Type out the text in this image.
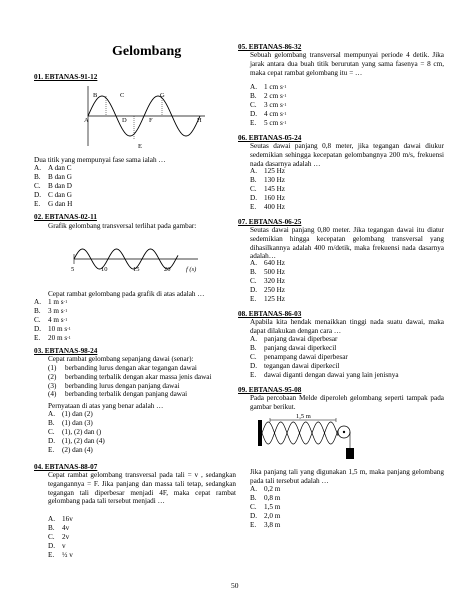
Gelombang
01. EBTANAS-91-12
A
B	C
D
E
F
G
H
Dua titik yang mempunyai fase sama ialah …
A. A dan C
B.	B dan G
C.	B dan D
D. C dan G
E.	G dan H
02. EBTANAS-02-11
Grafik gelombang transversal terlihat pada gambar:
5	10	15	20 f (s)
Cepat rambat gelombang pada grafik di atas adalah …
A. 1 m $s^{-1}$
B.	3 m $s^{-1}$
C.	4 m $s^{-1}$
D. 10 m $s^{-1}$
E.	20 m $s^{-1}$
03. EBTANAS-98-24
Cepat rambat gelombang sepanjang dawai (senar):
(1)	berbanding lurus dengan akar tegangan dawai
(2)	berbanding terbalik dengan akar massa jenis dawai
(3)	berbanding lurus dengan panjang dawai
(4)	berbanding terbalik dengan panjang dawai
Pernyataan di atas yang benar adalah …
A. (1) dan (2)
B.	(1) dan (3)
C.	(1), (2) dan ()
D. (1), (2) dan (4)
E.	(2) dan (4)
04. EBTANAS-88-07
Cepat rambat gelombang transversal pada tali = v , sedangkan tegangannya = F. Jika panjang dan massa tali tetap, sedangkan tegangan tali diperbesar menjadi 4F, maka cepat rambat gelombang pada tali tersebut menjadi …
A. 16v
B.	4v
C.	2v
D. v
E.	½ v
05. EBTANAS-86-32
Sebuah gelombang transversal mempunyai periode 4 detik. Jika jarak antara dua buah titik berurutan yang sama fasenya = 8 cm, maka cepat rambat gelombang itu = …
A. 1 cm $s^{-1}$
B.	2 cm $s^{-1}$
C.	3 cm $s^{-1}$
D. 4 cm $s^{-1}$
E.	5 cm $s^{-1}$
06. EBTANAS-05-24
Seutas dawai panjang 0,8 meter, jika tegangan dawai diukur sedemikian sehingga kecepatan gelombangnya 200 m/s, frekuensi nada dasarnya adalah …
A. 125 Hz
B.	130 Hz
C.	145 Hz
D. 160 Hz
E.	400 Hz
07. EBTANAS-06-25
Seutas dawai panjang 0,80 meter. Jika tegangan dawai itu diatur sedemikian hingga kecepatan gelombang transversal yang dihasilkannya adalah 400 m/detik, maka frekuensi nada dasarnya adalah…
A. 640 Hz
B.	500 Hz
C.	320 Hz
D. 250 Hz
E.	125 Hz
08. EBTANAS-86-03
Apabila kita hendak menaikkan tinggi nada suatu dawai, maka dapat dilakukan dengan cara …
A. panjang dawai diperbesar
B.	panjang dawai diperkecil
C.	penampang dawai diperbesar
D. tegangan dawai diperkecil
E.	dawai diganti dengan dawai yang lain jenisnya
09. EBTANAS-95-08
Pada percobaan Melde diperoleh gelombang seperti tampak pada gambar berikut.
1,5 m
Jika panjang tali yang digunakan 1,5 m, maka panjang gelombang pada tali tersebut adalah …
A. 0,2 m
B.	0,8 m
C.	1,5 m
D. 2,0 m
E.	3,8 m
50
